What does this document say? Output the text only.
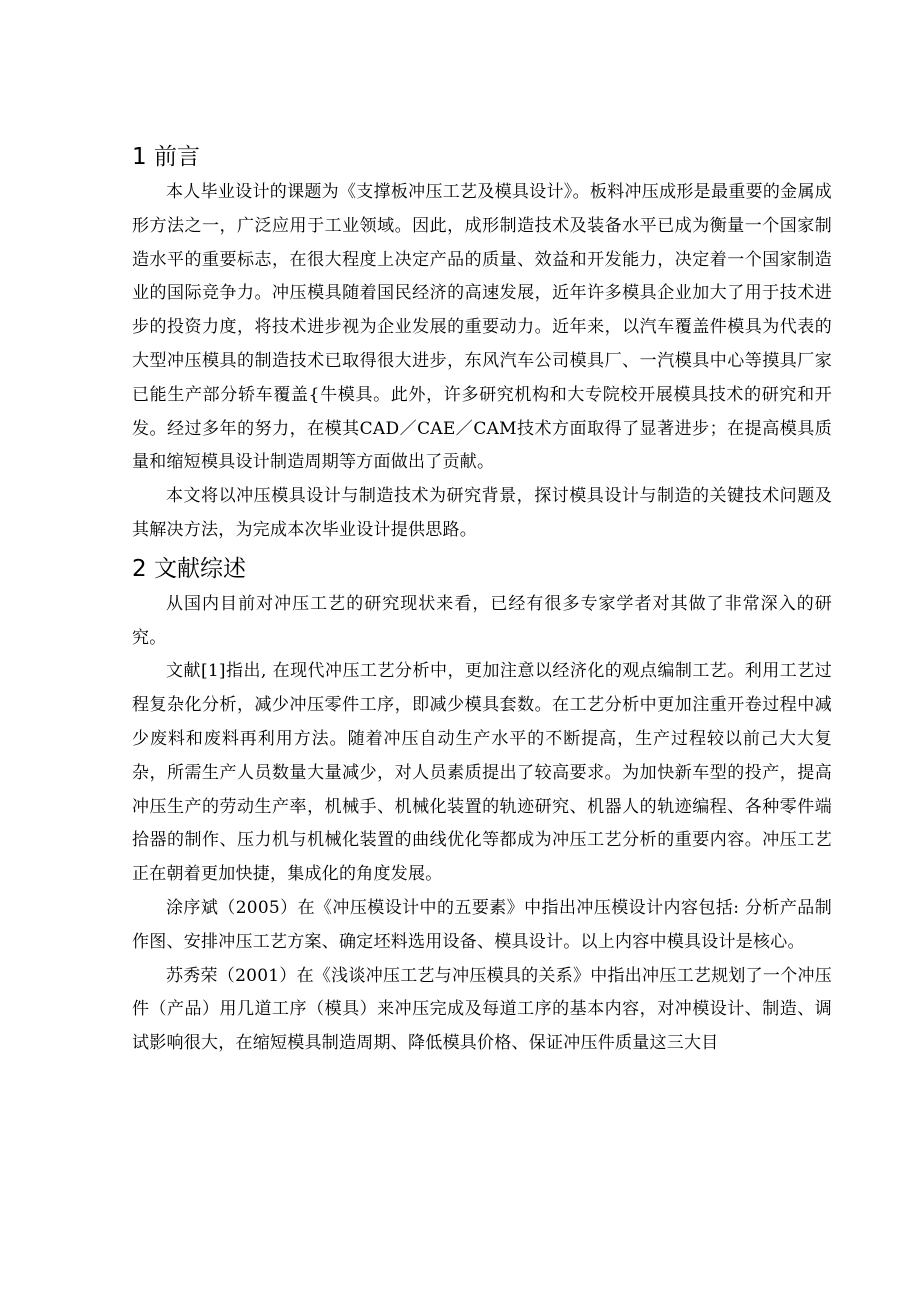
1 前言

本人毕业设计的课题为《支撑板冲压工艺及模具设计》。板料冲压成形是最重要的金属成形方法之一，广泛应用于工业领域。因此，成形制造技术及装备水平已成为衡量一个国家制造水平的重要标志，在很大程度上决定产品的质量、效益和开发能力，决定着一个国家制造业的国际竞争力。冲压模具随着国民经济的高速发展，近年许多模具企业加大了用于技术进步的投资力度，将技术进步视为企业发展的重要动力。近年来，以汽车覆盖件模具为代表的大型冲压模具的制造技术已取得很大进步，东风汽车公司模具厂、一汽模具中心等摸具厂家已能生产部分轿车覆盖{牛模具。此外，许多研究机构和大专院校开展模具技术的研究和开发。经过多年的努力，在模其CAD／CAE／CAM技术方面取得了显著进步；在提高模具质量和缩短模具设计制造周期等方面做出了贡献。

本文将以冲压模具设计与制造技术为研究背景，探讨模具设计与制造的关键技术问题及其解决方法，为完成本次毕业设计提供思路。

2 文献综述

从国内目前对冲压工艺的研究现状来看，已经有很多专家学者对其做了非常深入的研究。

文献[1]指出, 在现代冲压工艺分析中，更加注意以经济化的观点编制工艺。利用工艺过程复杂化分析，减少冲压零件工序，即减少模具套数。在工艺分析中更加注重开卷过程中减少废料和废料再利用方法。随着冲压自动生产水平的不断提高，生产过程较以前己大大复杂，所需生产人员数量大量减少，对人员素质提出了较高要求。为加快新车型的投产，提高冲压生产的劳动生产率，机械手、机械化装置的轨迹研究、机器人的轨迹编程、各种零件端拾器的制作、压力机与机械化装置的曲线优化等都成为冲压工艺分析的重要内容。冲压工艺正在朝着更加快捷，集成化的角度发展。

涂序斌（2005）在《冲压模设计中的五要素》中指出冲压模设计内容包括: 分析产品制作图、安排冲压工艺方案、确定坯料选用设备、模具设计。以上内容中模具设计是核心。

苏秀荣（2001）在《浅谈冲压工艺与冲压模具的关系》中指出冲压工艺规划了一个冲压件（产品）用几道工序（模具）来冲压完成及每道工序的基本内容，对冲模设计、制造、调试影响很大，在缩短模具制造周期、降低模具价格、保证冲压件质量这三大目
